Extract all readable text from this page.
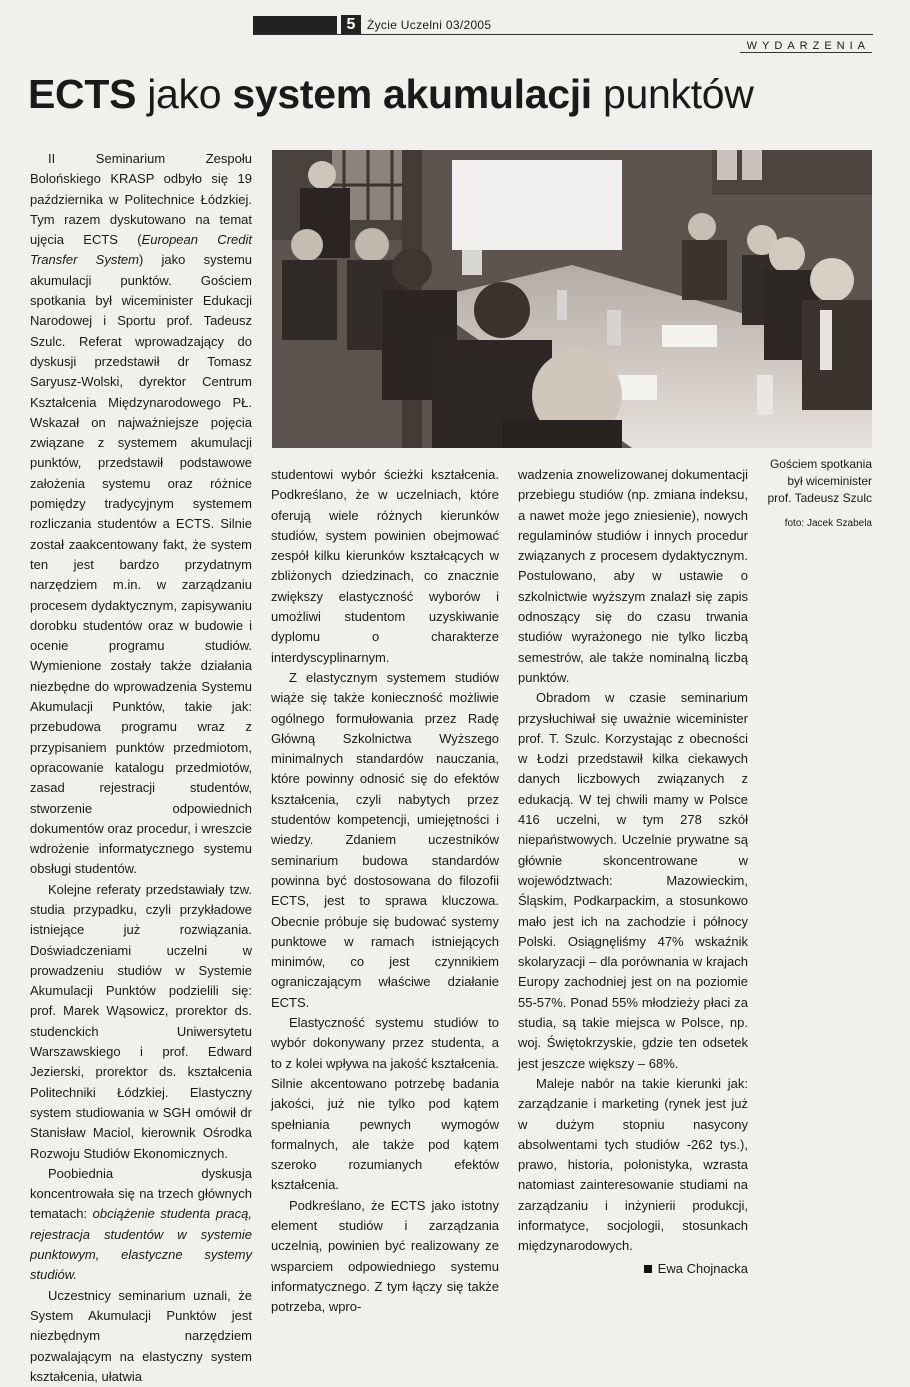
5 Życie Uczelni 03/2005
WYDARZENIA
ECTS jako system akumulacji punktów

II Seminarium Zespołu Bolońskiego KRASP odbyło się 19 października w Politechnice Łódzkiej. Tym razem dyskutowano na temat ujęcia ECTS (European Credit Transfer System) jako systemu akumulacji punktów. Gościem spotkania był wiceminister Edukacji Narodowej i Sportu prof. Tadeusz Szulc. Referat wprowadzający do dyskusji przedstawił dr Tomasz Saryusz-Wolski, dyrektor Centrum Kształcenia Międzynarodowego PŁ. Wskazał on najważniejsze pojęcia związane z systemem akumulacji punktów, przedstawił podstawowe założenia systemu oraz różnice pomiędzy tradycyjnym systemem rozliczania studentów a ECTS. Silnie został zaakcentowany fakt, że system ten jest bardzo przydatnym narzędziem m.in. w zarządzaniu procesem dydaktycznym, zapisywaniu dorobku studentów oraz w budowie i ocenie programu studiów. Wymienione zostały także działania niezbędne do wprowadzenia Systemu Akumulacji Punktów, takie jak: przebudowa programu wraz z przypisaniem punktów przedmiotom, opracowanie katalogu przedmiotów, zasad rejestracji studentów, stworzenie odpowiednich dokumentów oraz procedur, i wreszcie wdrożenie informatycznego systemu obsługi studentów.

Kolejne referaty przedstawiały tzw. studia przypadku, czyli przykładowe istniejące już rozwiązania. Doświadczeniami uczelni w prowadzeniu studiów w Systemie Akumulacji Punktów podzielili się: prof. Marek Wąsowicz, prorektor ds. studenckich Uniwersytetu Warszawskiego i prof. Edward Jezierski, prorektor ds. kształcenia Politechniki Łódzkiej. Elastyczny system studiowania w SGH omówił dr Stanisław Maciol, kierownik Ośrodka Rozwoju Studiów Ekonomicznych.

Poobiednia dyskusja koncentrowała się na trzech głównych tematach: obciążenie studenta pracą, rejestracja studentów w systemie punktowym, elastyczne systemy studiów.

Uczestnicy seminarium uznali, że System Akumulacji Punktów jest niezbędnym narzędziem pozwalającym na elastyczny system kształcenia, ułatwia

Gościem spotkania
był wiceminister
prof. Tadeusz Szulc
foto: Jacek Szabela

studentowi wybór ścieżki kształcenia. Podkreślano, że w uczelniach, które oferują wiele różnych kierunków studiów, system powinien obejmować zespół kilku kierunków kształcących w zbliżonych dziedzinach, co znacznie zwiększy elastyczność wyborów i umożliwi studentom uzyskiwanie dyplomu o charakterze interdyscyplinarnym.

Z elastycznym systemem studiów wiąże się także konieczność możliwie ogólnego formułowania przez Radę Główną Szkolnictwa Wyższego minimalnych standardów nauczania, które powinny odnosić się do efektów kształcenia, czyli nabytych przez studentów kompetencji, umiejętności i wiedzy. Zdaniem uczestników seminarium budowa standardów powinna być dostosowana do filozofii ECTS, jest to sprawa kluczowa. Obecnie próbuje się budować systemy punktowe w ramach istniejących minimów, co jest czynnikiem ograniczającym właściwe działanie ECTS.

Elastyczność systemu studiów to wybór dokonywany przez studenta, a to z kolei wpływa na jakość kształcenia. Silnie akcentowano potrzebę badania jakości, już nie tylko pod kątem spełniania pewnych wymogów formalnych, ale także pod kątem szeroko rozumianych efektów kształcenia.

Podkreślano, że ECTS jako istotny element studiów i zarządzania uczelnią, powinien być realizowany ze wsparciem odpowiedniego systemu informatycznego. Z tym łączy się także potrzeba, wpro-

wadzenia znowelizowanej dokumentacji przebiegu studiów (np. zmiana indeksu, a nawet może jego zniesienie), nowych regulaminów studiów i innych procedur związanych z procesem dydaktycznym. Postulowano, aby w ustawie o szkolnictwie wyższym znalazł się zapis odnoszący się do czasu trwania studiów wyrażonego nie tylko liczbą semestrów, ale także nominalną liczbą punktów.

Obradom w czasie seminarium przysłuchiwał się uważnie wiceminister prof. T. Szulc. Korzystając z obecności w Łodzi przedstawił kilka ciekawych danych liczbowych związanych z edukacją. W tej chwili mamy w Polsce 416 uczelni, w tym 278 szkół niepaństwowych. Uczelnie prywatne są głównie skoncentrowane w województwach: Mazowieckim, Śląskim, Podkarpackim, a stosunkowo mało jest ich na zachodzie i północy Polski. Osiągnęliśmy 47% wskaźnik skolaryzacji – dla porównania w krajach Europy zachodniej jest on na poziomie 55-57%. Ponad 55% młodzieży płaci za studia, są takie miejsca w Polsce, np. woj. Świętokrzyskie, gdzie ten odsetek jest jeszcze większy – 68%.

Maleje nabór na takie kierunki jak: zarządzanie i marketing (rynek jest już w dużym stopniu nasycony absolwentami tych studiów -262 tys.), prawo, historia, polonistyka, wzrasta natomiast zainteresowanie studiami na zarządzaniu i inżynierii produkcji, informatyce, socjologii, stosunkach międzynarodowych.

Ewa Chojnacka
